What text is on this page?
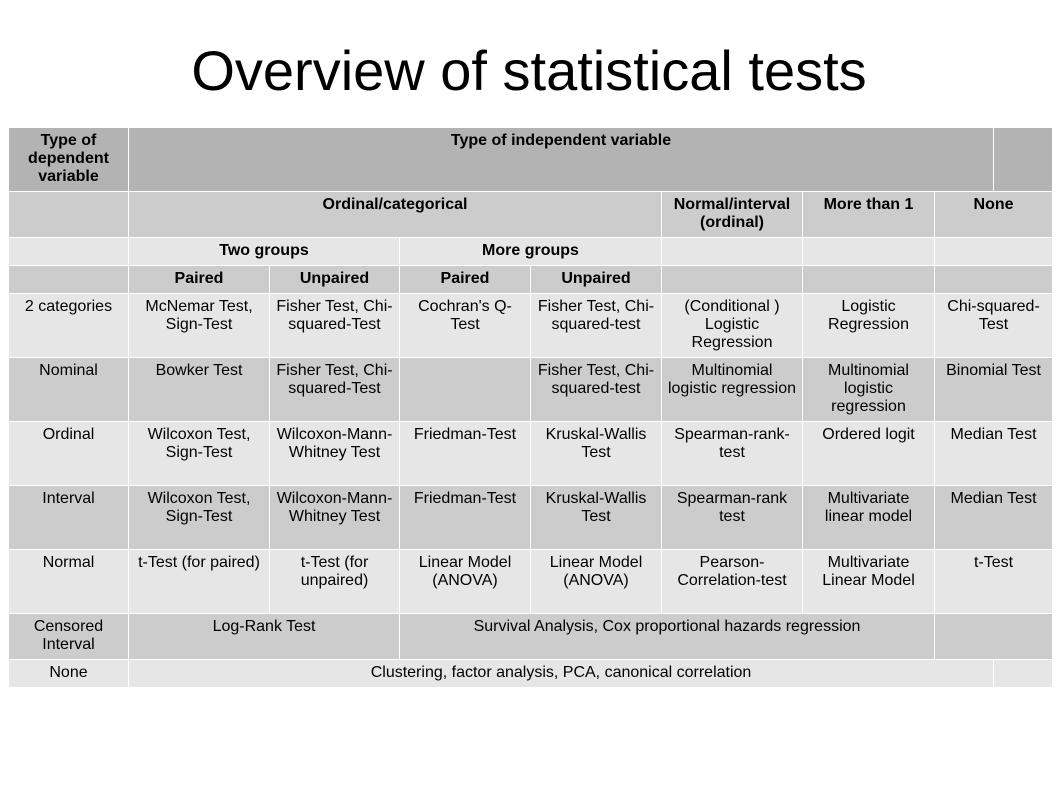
Overview of statistical tests
Type of dependent variable	Type of independent variable							
	Ordinal/categorical				Normal/interval (ordinal)	More than 1	None	
	Two groups		More groups					
	Paired	Unpaired	Paired	Unpaired				
2 categories	McNemar Test, Sign-Test	Fisher Test, Chi-squared-Test	Cochran's Q-Test	Fisher Test, Chi-squared-test	(Conditional ) Logistic Regression	Logistic Regression	Chi-squared-Test	
Nominal	Bowker Test	Fisher Test, Chi-squared-Test		Fisher Test, Chi-squared-test	Multinomial logistic regression	Multinomial logistic regression	Binomial Test	
Ordinal	Wilcoxon Test, Sign-Test	Wilcoxon-Mann-Whitney Test	Friedman-Test	Kruskal-Wallis Test	Spearman-rank-test	Ordered logit	Median Test	
Interval	Wilcoxon Test, Sign-Test	Wilcoxon-Mann-Whitney Test	Friedman-Test	Kruskal-Wallis Test	Spearman-rank test	Multivariate linear model	Median Test	
Normal	t-Test (for paired)	t-Test (for unpaired)	Linear Model (ANOVA)	Linear Model (ANOVA)	Pearson-Correlation-test	Multivariate Linear Model	t-Test	
Censored Interval	Log-Rank Test		Survival Analysis, Cox proportional hazards regression					
None	Clustering, factor analysis, PCA, canonical correlation							
